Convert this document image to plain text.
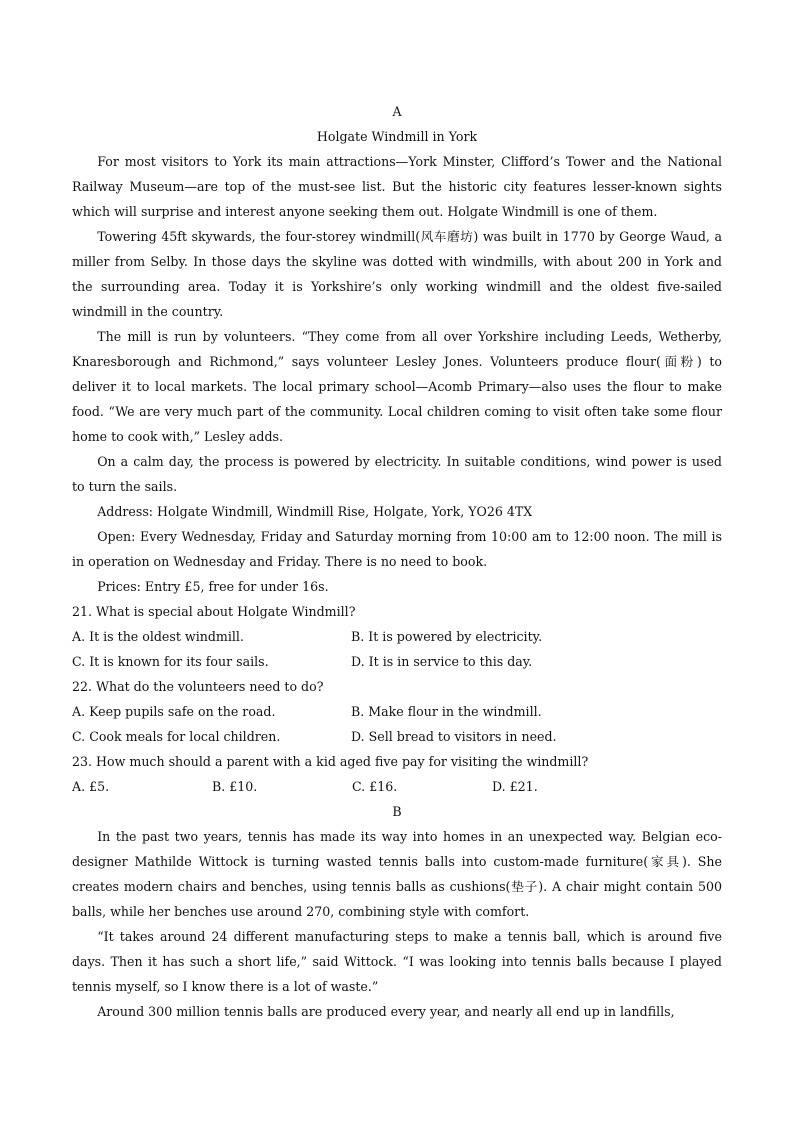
A
Holgate Windmill in York

For most visitors to York its main attractions—York Minster, Clifford’s Tower and the National Railway Museum—are top of the must-see list. But the historic city features lesser-known sights which will surprise and interest anyone seeking them out. Holgate Windmill is one of them.

Towering 45ft skywards, the four-storey windmill(风车磨坊) was built in 1770 by George Waud, a miller from Selby. In those days the skyline was dotted with windmills, with about 200 in York and the surrounding area. Today it is Yorkshire’s only working windmill and the oldest five-sailed windmill in the country.

The mill is run by volunteers. “They come from all over Yorkshire including Leeds, Wetherby, Knaresborough and Richmond,” says volunteer Lesley Jones. Volunteers produce flour(面粉) to deliver it to local markets. The local primary school—Acomb Primary—also uses the flour to make food. “We are very much part of the community. Local children coming to visit often take some flour home to cook with,” Lesley adds.

On a calm day, the process is powered by electricity. In suitable conditions, wind power is used to turn the sails.

Address: Holgate Windmill, Windmill Rise, Holgate, York, YO26 4TX

Open: Every Wednesday, Friday and Saturday morning from 10:00 am to 12:00 noon. The mill is in operation on Wednesday and Friday. There is no need to book.

Prices: Entry £5, free for under 16s.

21. What is special about Holgate Windmill?

A. It is the oldest windmill.	B. It is powered by electricity.
C. It is known for its four sails.	D. It is in service to this day.

22. What do the volunteers need to do?

A. Keep pupils safe on the road.	B. Make flour in the windmill.
C. Cook meals for local children.	D. Sell bread to visitors in need.

23. How much should a parent with a kid aged five pay for visiting the windmill?

A. £5.	B. £10.	C. £16.	D. £21.
B

In the past two years, tennis has made its way into homes in an unexpected way. Belgian eco-designer Mathilde Wittock is turning wasted tennis balls into custom-made furniture(家具). She creates modern chairs and benches, using tennis balls as cushions(垫子). A chair might contain 500 balls, while her benches use around 270, combining style with comfort.

“It takes around 24 different manufacturing steps to make a tennis ball, which is around five days. Then it has such a short life,” said Wittock. “I was looking into tennis balls because I played tennis myself, so I know there is a lot of waste.”

Around 300 million tennis balls are produced every year, and nearly all end up in landfills,
